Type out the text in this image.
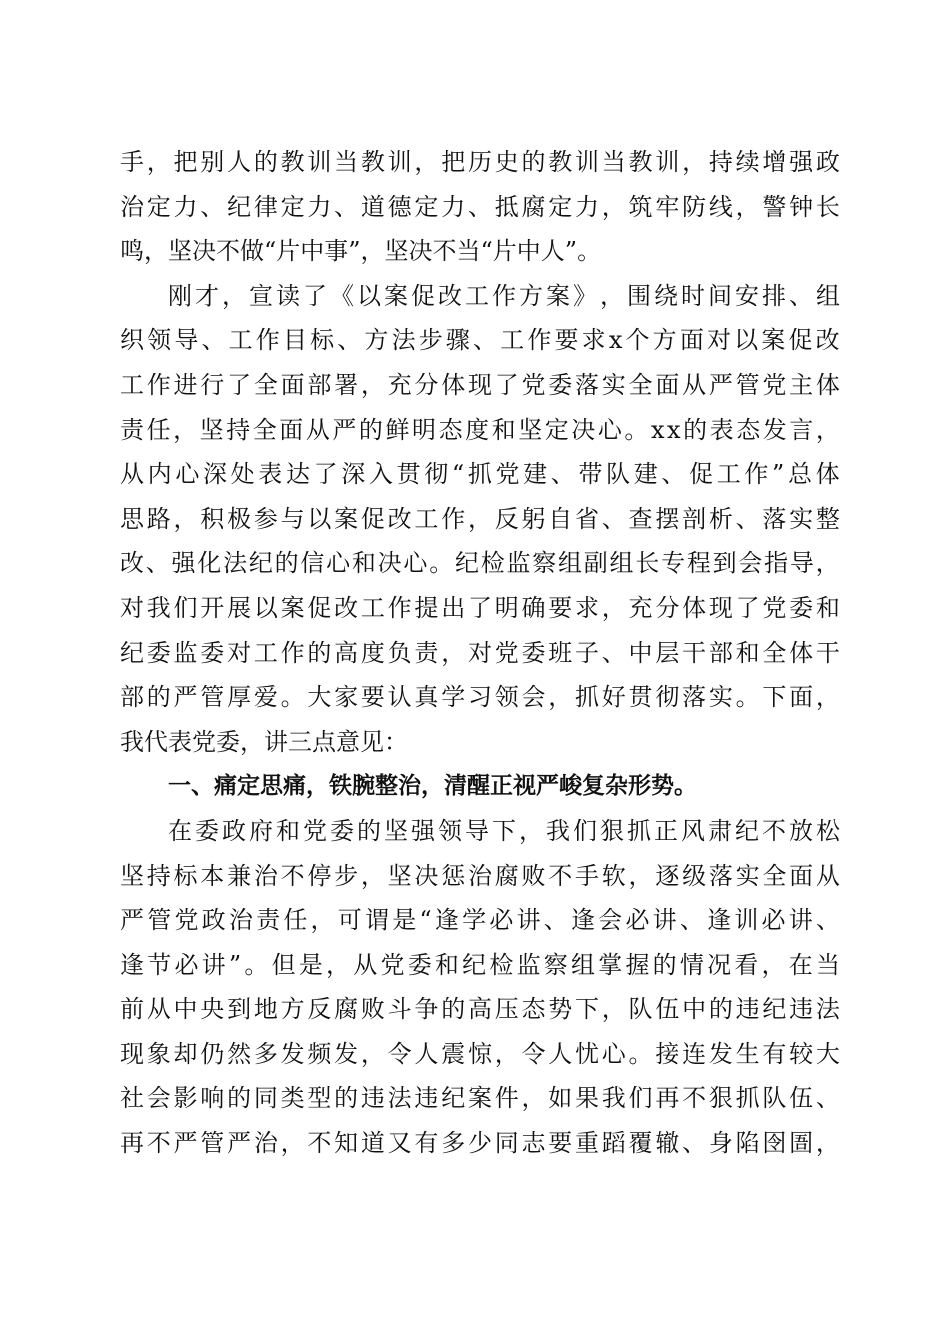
手 ， 把 别 人 的 教 训 当 教 训 ， 把 历 史 的 教 训 当 教 训 ， 持 续 增 强 政
治 定 力 、 纪 律 定 力 、 道 德 定 力 、 抵 腐 定 力 ， 筑 牢 防 线 ， 警 钟 长
鸣，坚决不做“片中事”，坚决不当“片中人”。
刚 才 ， 宣 读 了 《 以 案 促 改 工 作 方 案 》 ， 围 绕 时 间 安 排 、 组
织 领 导 、 工 作 目 标 、 方 法 步 骤 、 工 作 要 求 x 个 方 面 对 以 案 促 改
工 作 进 行 了 全 面 部 署 ， 充 分 体 现 了 党 委 落 实 全 面 从 严 管 党 主 体
责 任 ， 坚 持 全 面 从 严 的 鲜 明 态 度 和 坚 定 决 心 。 x x 的 表 态 发 言 ，
从 内 心 深 处 表 达 了 深 入 贯 彻 “ 抓 党 建 、 带 队 建 、 促 工 作 ” 总 体
思 路 ， 积 极 参 与 以 案 促 改 工 作 ， 反 躬 自 省 、 查 摆 剖 析 、 落 实 整
改 、 强 化 法 纪 的 信 心 和 决 心 。 纪 检 监 察 组 副 组 长 专 程 到 会 指 导 ，
对 我 们 开 展 以 案 促 改 工 作 提 出 了 明 确 要 求 ， 充 分 体 现 了 党 委 和
纪 委 监 委 对 工 作 的 高 度 负 责 ， 对 党 委 班 子 、 中 层 干 部 和 全 体 干
部 的 严 管 厚 爱 。 大 家 要 认 真 学 习 领 会 ， 抓 好 贯 彻 落 实 。 下 面 ，
我代表党委，讲三点意见：
一、痛定思痛，铁腕整治，清醒正视严峻复杂形势。
在 委 政 府 和 党 委 的 坚 强 领 导 下 ， 我 们 狠 抓 正 风 肃 纪 不 放 松
坚 持 标 本 兼 治 不 停 步 ， 坚 决 惩 治 腐 败 不 手 软 ， 逐 级 落 实 全 面 从
严 管 党 政 治 责 任 ， 可 谓 是 “ 逢 学 必 讲 、 逢 会 必 讲 、 逢 训 必 讲 、
逢 节 必 讲 ” 。 但 是 ， 从 党 委 和 纪 检 监 察 组 掌 握 的 情 况 看 ， 在 当
前 从 中 央 到 地 方 反 腐 败 斗 争 的 高 压 态 势 下 ， 队 伍 中 的 违 纪 违 法
现 象 却 仍 然 多 发 频 发 ， 令 人 震 惊 ， 令 人 忧 心 。 接 连 发 生 有 较 大
社 会 影 响 的 同 类 型 的 违 法 违 纪 案 件 ， 如 果 我 们 再 不 狠 抓 队 伍 、
再 不 严 管 严 治 ， 不 知 道 又 有 多 少 同 志 要 重 蹈 覆 辙 、 身 陷 囹 圄 ，
